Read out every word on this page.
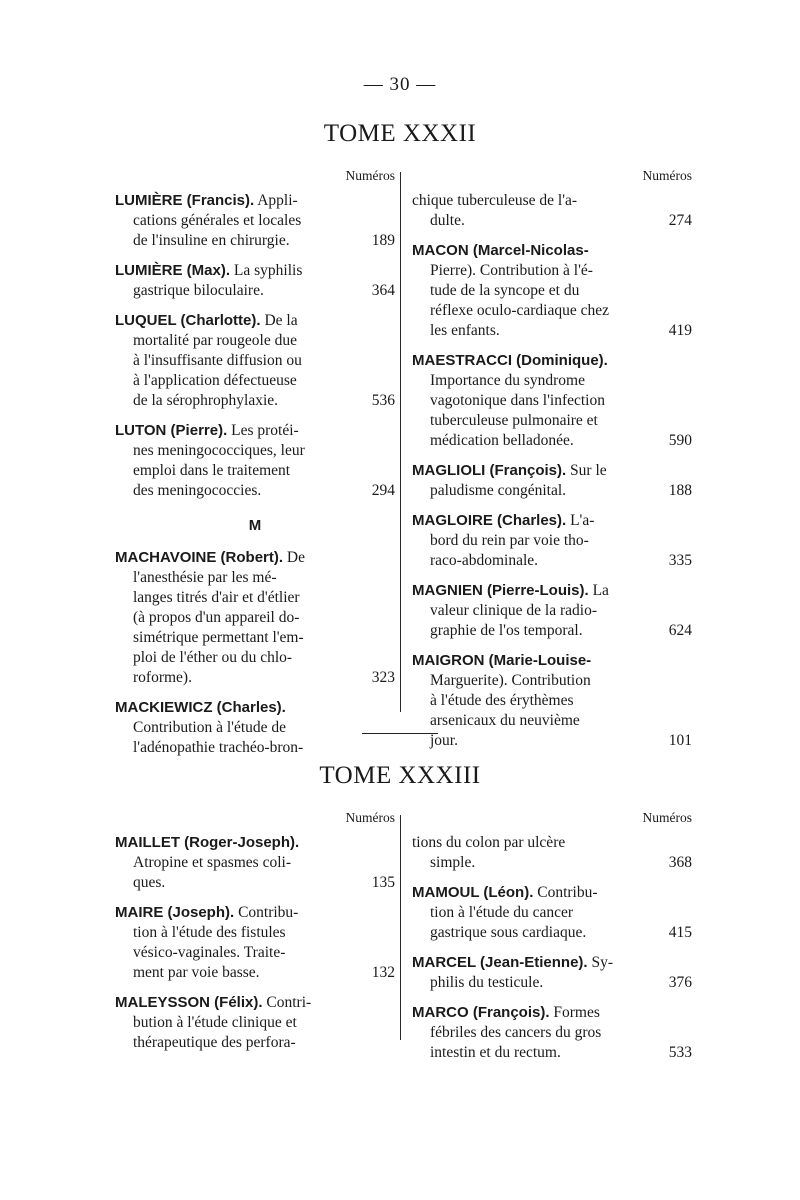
— 30 —
TOME XXXII
Numéros
LUMIÈRE (Francis). Appli-
cations générales et locales
de l'insuline en chirurgie.	189
LUMIÈRE (Max). La syphilis
gastrique biloculaire.	364
LUQUEL (Charlotte). De la
mortalité par rougeole due
à l'insuffisante diffusion ou
à l'application défectueuse
de la sérophrophylaxie.	536
LUTON (Pierre). Les protéi-
nes meningococciques, leur
emploi dans le traitement
des meningococcies.	294
M
MACHAVOINE (Robert). De
l'anesthésie par les mé-
langes titrés d'air et d'étlier
(à propos d'un appareil do-
simétrique permettant l'em-
ploi de l'éther ou du chlo-
roforme).	323
MACKIEWICZ (Charles).
Contribution à l'étude de
l'adénopathie trachéo-bron-
Numéros
chique tuberculeuse de l'a-
dulte.	274
MACON (Marcel-Nicolas-
Pierre). Contribution à l'é-
tude de la syncope et du
réflexe oculo-cardiaque chez
les enfants.	419
MAESTRACCI (Dominique).
Importance du syndrome
vagotonique dans l'infection
tuberculeuse pulmonaire et
médication belladonée.	590
MAGLIOLI (François). Sur le
paludisme congénital.	188
MAGLOIRE (Charles). L'a-
bord du rein par voie tho-
raco-abdominale.	335
MAGNIEN (Pierre-Louis). La
valeur clinique de la radio-
graphie de l'os temporal.	624
MAIGRON (Marie-Louise-
Marguerite). Contribution
à l'étude des érythèmes
arsenicaux du neuvième
jour.	101
TOME XXXIII
Numéros
MAILLET (Roger-Joseph).
Atropine et spasmes coli-
ques.	135
MAIRE (Joseph). Contribu-
tion à l'étude des fistules
vésico-vaginales. Traite-
ment par voie basse.	132
MALEYSSON (Félix). Contri-
bution à l'étude clinique et
thérapeutique des perfora-
Numéros
tions du colon par ulcère
simple.	368
MAMOUL (Léon). Contribu-
tion à l'étude du cancer
gastrique sous cardiaque.	415
MARCEL (Jean-Etienne). Sy-
philis du testicule.	376
MARCO (François). Formes
fébriles des cancers du gros
intestin et du rectum.	533
